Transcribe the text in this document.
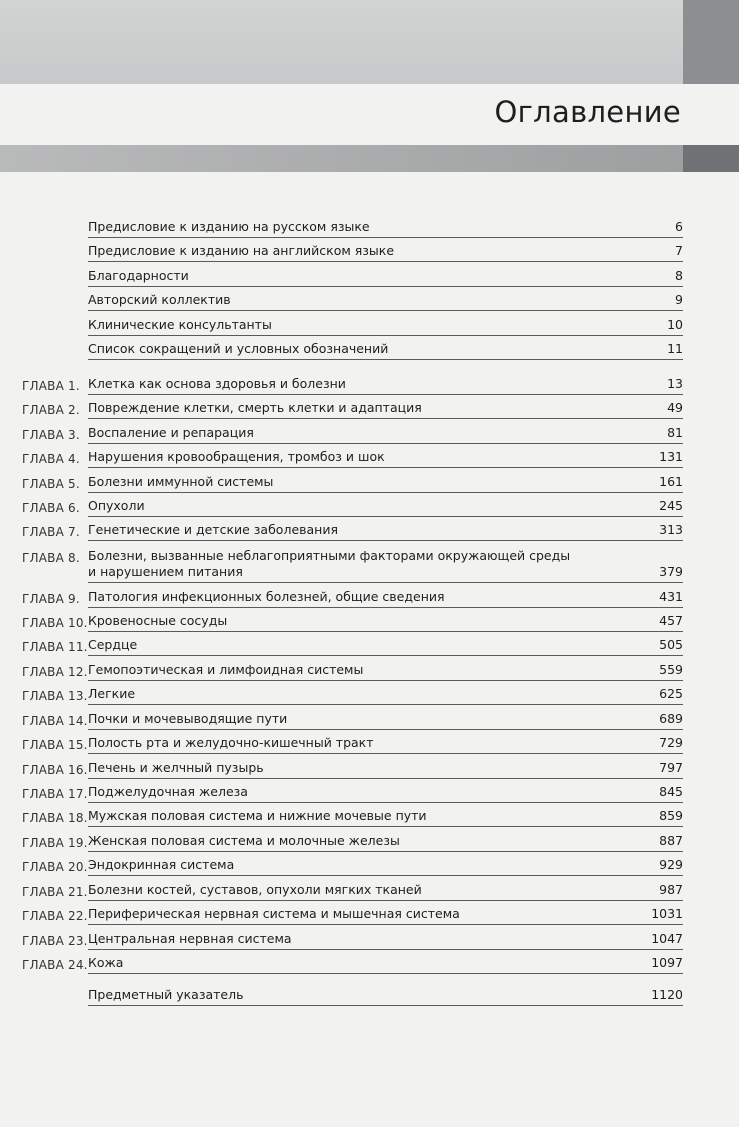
Оглавление
Предисловие к изданию на русском языке	6
Предисловие к изданию на английском языке	7
Благодарности	8
Авторский коллектив	9
Клинические консультанты	10
Список сокращений и условных обозначений	11
ГЛАВА 1. Клетка как основа здоровья и болезни	13
ГЛАВА 2. Повреждение клетки, смерть клетки и адаптация	49
ГЛАВА 3. Воспаление и репарация	81
ГЛАВА 4. Нарушения кровообращения, тромбоз и шок	131
ГЛАВА 5. Болезни иммунной системы	161
ГЛАВА 6. Опухоли	245
ГЛАВА 7. Генетические и детские заболевания	313
ГЛАВА 8. Болезни, вызванные неблагоприятными факторами окружающей среды
и нарушением питания	379
ГЛАВА 9. Патология инфекционных болезней, общие сведения	431
ГЛАВА 10. Кровеносные сосуды	457
ГЛАВА 11. Сердце	505
ГЛАВА 12. Гемопоэтическая и лимфоидная системы	559
ГЛАВА 13. Легкие	625
ГЛАВА 14. Почки и мочевыводящие пути	689
ГЛАВА 15. Полость рта и желудочно-кишечный тракт	729
ГЛАВА 16. Печень и желчный пузырь	797
ГЛАВА 17. Поджелудочная железа	845
ГЛАВА 18. Мужская половая система и нижние мочевые пути	859
ГЛАВА 19. Женская половая система и молочные железы	887
ГЛАВА 20. Эндокринная система	929
ГЛАВА 21. Болезни костей, суставов, опухоли мягких тканей	987
ГЛАВА 22. Периферическая нервная система и мышечная система	1031
ГЛАВА 23. Центральная нервная система	1047
ГЛАВА 24. Кожа	1097
Предметный указатель	1120
